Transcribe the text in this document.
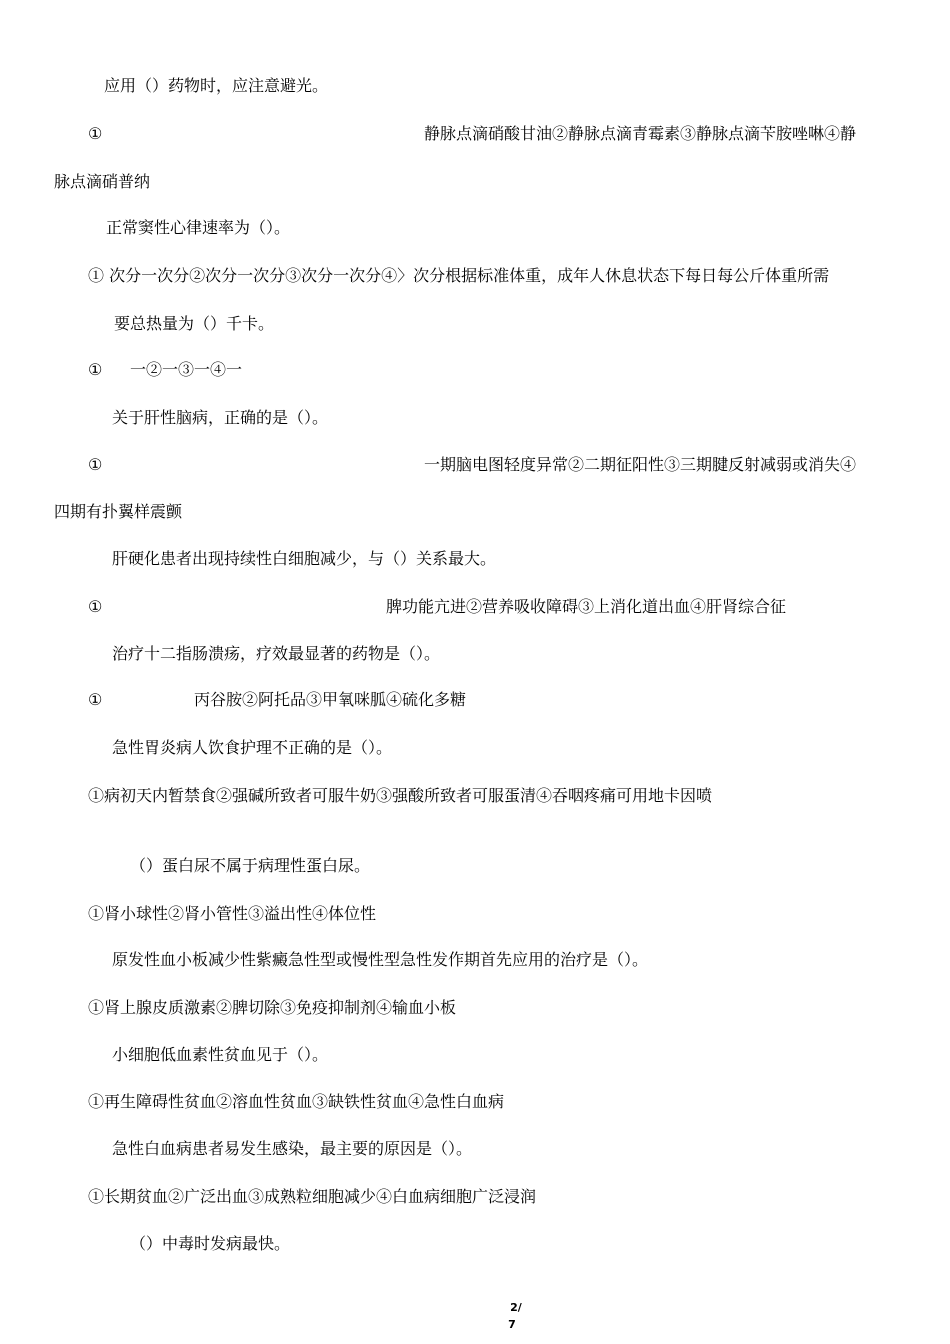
应用（）药物时，应注意避光。
①	静脉点滴硝酸甘油②静脉点滴青霉素③静脉点滴苄胺唑啉④静
脉点滴硝普纳
正常窦性心律速率为（）。
① 次分一次分②次分一次分③次分一次分④〉次分根据标准体重，成年人休息状态下每日每公斤体重所需
要总热量为（）千卡。
① 一②一③一④一
关于肝性脑病，正确的是（）。
①	一期脑电图轻度异常②二期征阳性③三期腱反射减弱或消失④
四期有扑翼样震颤
肝硬化患者出现持续性白细胞减少，与（）关系最大。
①	脾功能亢进②营养吸收障碍③上消化道出血④肝肾综合征
治疗十二指肠溃疡，疗效最显著的药物是（）。
①	丙谷胺②阿托品③甲氧咪胍④硫化多糖
急性胃炎病人饮食护理不正确的是（）。
①病初天内暂禁食②强碱所致者可服牛奶③强酸所致者可服蛋清④吞咽疼痛可用地卡因喷
（）蛋白尿不属于病理性蛋白尿。
①肾小球性②肾小管性③溢出性④体位性
原发性血小板减少性紫癜急性型或慢性型急性发作期首先应用的治疗是（）。
①肾上腺皮质激素②脾切除③免疫抑制剂④输血小板
小细胞低血素性贫血见于（）。
①再生障碍性贫血②溶血性贫血③缺铁性贫血④急性白血病
急性白血病患者易发生感染，最主要的原因是（）。
①长期贫血②广泛出血③成熟粒细胞减少④白血病细胞广泛浸润
（）中毒时发病最快。
2/
7
